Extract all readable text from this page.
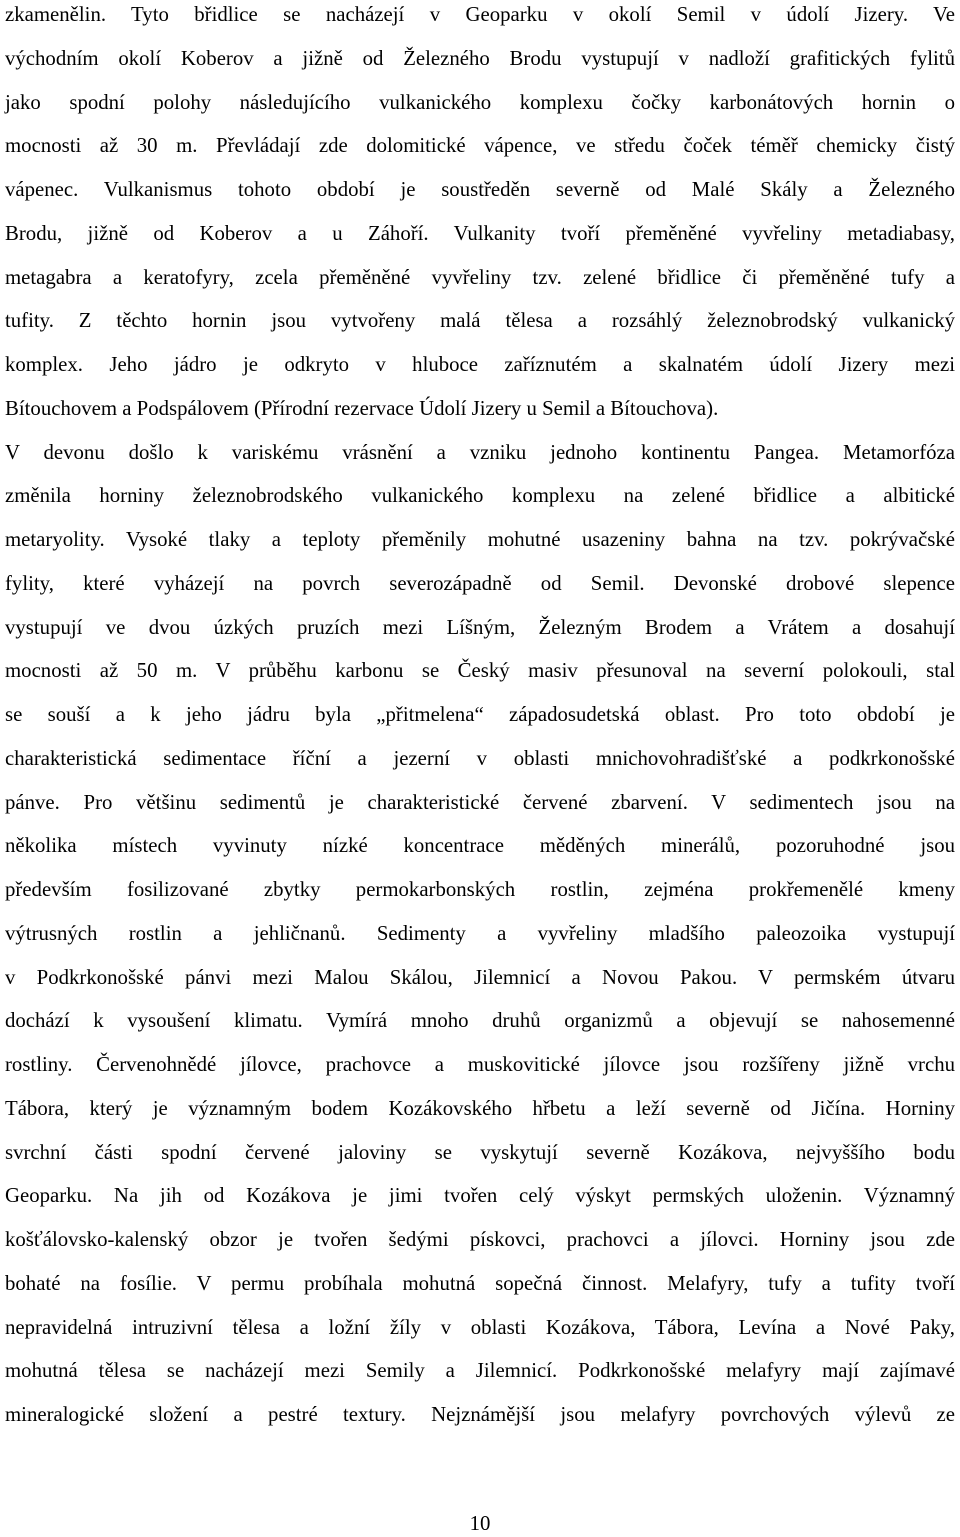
zkamenělin. Tyto břidlice se nacházejí v Geoparku v okolí Semil v údolí Jizery. Ve
východním okolí Koberov a jižně od Železného Brodu vystupují v nadloží grafitických fylitů
jako spodní polohy následujícího vulkanického komplexu čočky karbonátových hornin o
mocnosti až 30 m. Převládají zde dolomitické vápence, ve středu čoček téměř chemicky čistý
vápenec. Vulkanismus tohoto období je soustředěn severně od Malé Skály a Železného
Brodu, jižně od Koberov a u Záhoří. Vulkanity tvoří přeměněné vyvřeliny metadiabasy,
metagabra a keratofyry, zcela přeměněné vyvřeliny tzv. zelené břidlice či přeměněné tufy a
tufity. Z těchto hornin jsou vytvořeny malá tělesa a rozsáhlý železnobrodský vulkanický
komplex. Jeho jádro je odkryto v hluboce zaříznutém a skalnatém údolí Jizery mezi
Bítouchovem a Podspálovem (Přírodní rezervace Údolí Jizery u Semil a Bítouchova).
V devonu došlo k variskému vrásnění a vzniku jednoho kontinentu Pangea. Metamorfóza
změnila horniny železnobrodského vulkanického komplexu na zelené břidlice a albitické
metaryolity. Vysoké tlaky a teploty přeměnily mohutné usazeniny bahna na tzv. pokrývačské
fylity, které vyházejí na povrch severozápadně od Semil. Devonské drobové slepence
vystupují ve dvou úzkých pruzích mezi Líšným, Železným Brodem a Vrátem a dosahují
mocnosti až 50 m. V průběhu karbonu se Český masiv přesunoval na severní polokouli, stal
se souší a k jeho jádru byla „přitmelena“ západosudetská oblast. Pro toto období je
charakteristická sedimentace říční a jezerní v oblasti mnichovohradišťské a podkrkonošské
pánve. Pro většinu sedimentů je charakteristické červené zbarvení. V sedimentech jsou na
několika místech vyvinuty nízké koncentrace měděných minerálů, pozoruhodné jsou
především fosilizované zbytky permokarbonských rostlin, zejména prokřemenělé kmeny
výtrusných rostlin a jehličnanů. Sedimenty a vyvřeliny mladšího paleozoika vystupují
v Podkrkonošské pánvi mezi Malou Skálou, Jilemnicí a Novou Pakou. V permském útvaru
dochází k vysoušení klimatu. Vymírá mnoho druhů organizmů a objevují se nahosemenné
rostliny. Červenohnědé jílovce, prachovce a muskovitické jílovce jsou rozšířeny jižně vrchu
Tábora, který je významným bodem Kozákovského hřbetu a leží severně od Jičína. Horniny
svrchní části spodní červené jaloviny se vyskytují severně Kozákova, nejvyššího bodu
Geoparku. Na jih od Kozákova je jimi tvořen celý výskyt permských uloženin. Významný
košťálovsko-kalenský obzor je tvořen šedými pískovci, prachovci a jílovci. Horniny jsou zde
bohaté na fosílie. V permu probíhala mohutná sopečná činnost. Melafyry, tufy a tufity tvoří
nepravidelná intruzivní tělesa a ložní žíly v oblasti Kozákova, Tábora, Levína a Nové Paky,
mohutná tělesa se nacházejí mezi Semily a Jilemnicí. Podkrkonošské melafyry mají zajímavé
mineralogické složení a pestré textury. Nejznámější jsou melafyry povrchových výlevů ze
10
